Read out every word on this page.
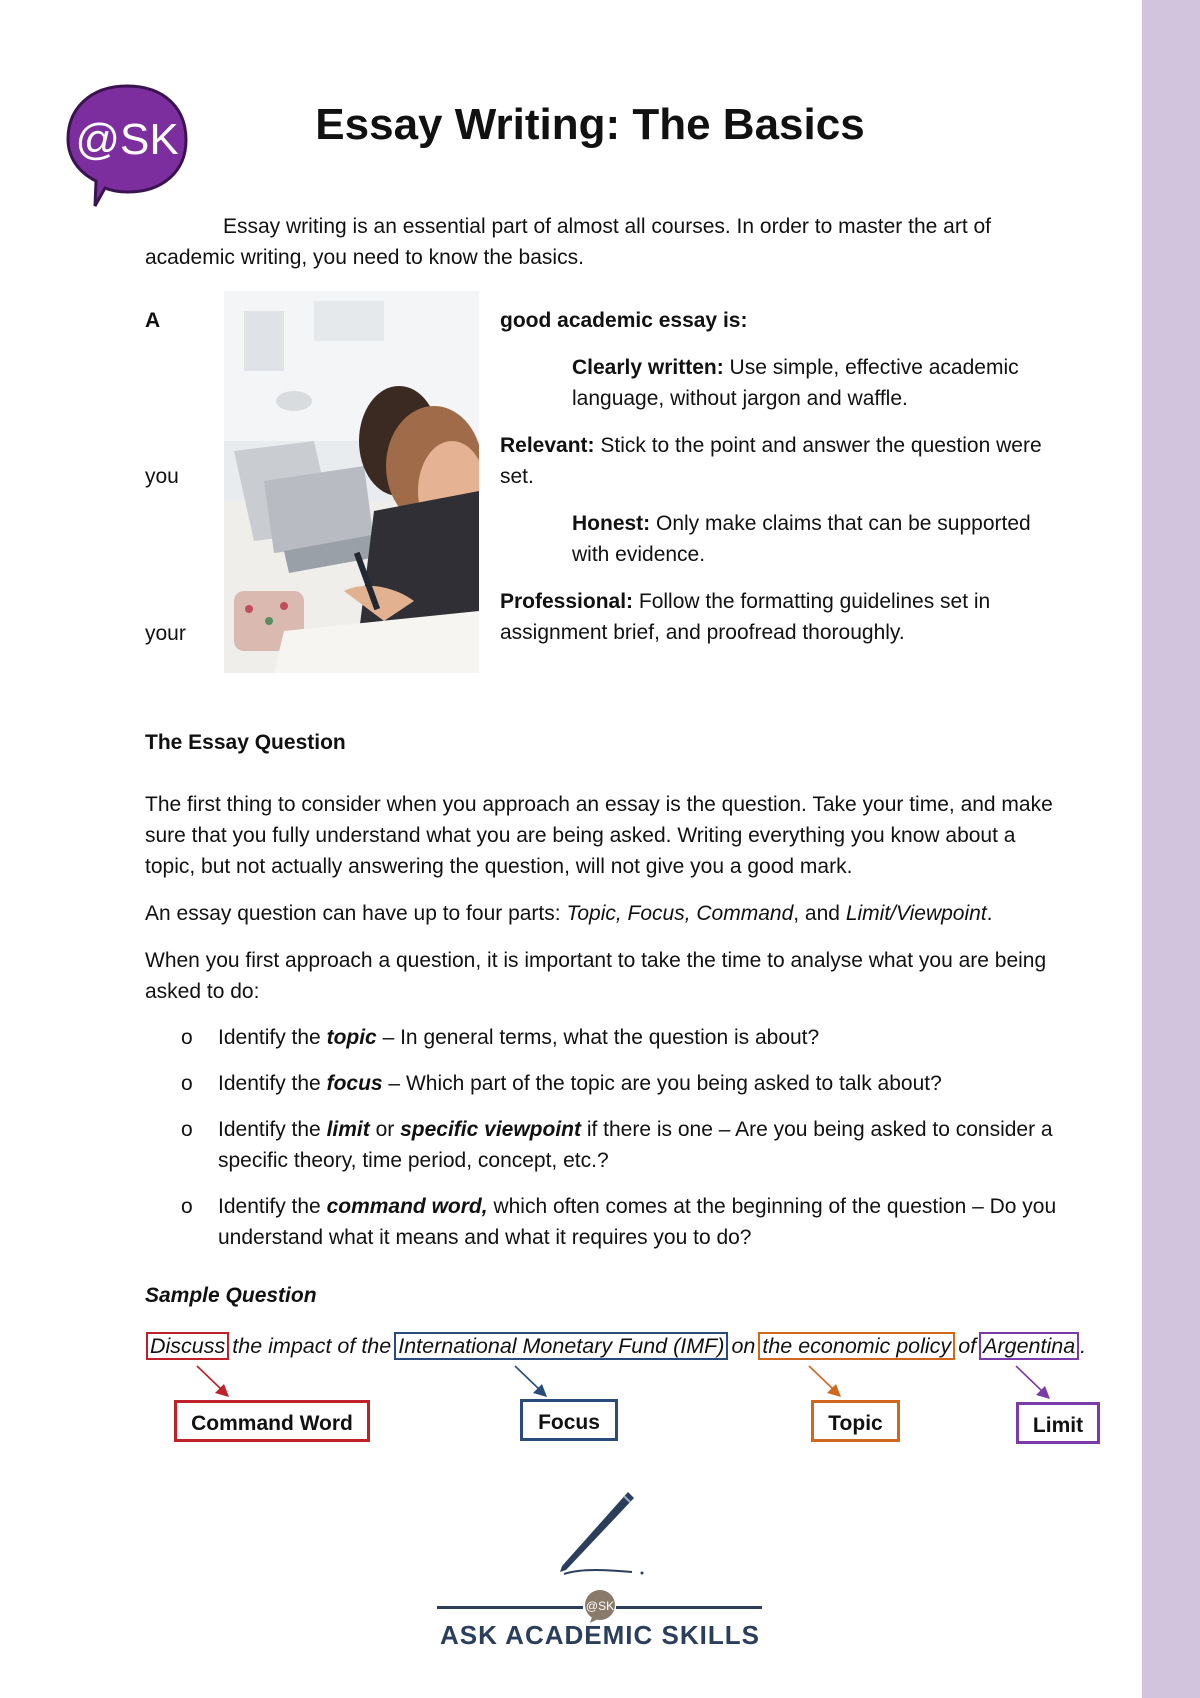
@SK	Essay Writing: The Basics
Essay writing is an essential part of almost all courses. In order to master the art of academic writing, you need to know the basics.
A
you
your
good academic essay is:
Clearly written: Use simple, effective academic language, without jargon and waffle.
Relevant: Stick to the point and answer the question were set.
Honest: Only make claims that can be supported with evidence.
Professional: Follow the formatting guidelines set in assignment brief, and proofread thoroughly.
The Essay Question
The first thing to consider when you approach an essay is the question. Take your time, and make sure that you fully understand what you are being asked. Writing everything you know about a topic, but not actually answering the question, will not give you a good mark.
An essay question can have up to four parts: Topic, Focus, Command, and Limit/Viewpoint.
When you first approach a question, it is important to take the time to analyse what you are being asked to do:
o Identify the topic – In general terms, what the question is about?
o Identify the focus – Which part of the topic are you being asked to talk about?
o Identify the limit or specific viewpoint if there is one – Are you being asked to consider a specific theory, time period, concept, etc.?
o Identify the command word, which often comes at the beginning of the question – Do you understand what it means and what it requires you to do?
Sample Question
Discuss the impact of the International Monetary Fund (IMF) on the economic policy of Argentina .
Command Word	Focus	Topic	Limit
@SK
ASK ACADEMIC SKILLS
